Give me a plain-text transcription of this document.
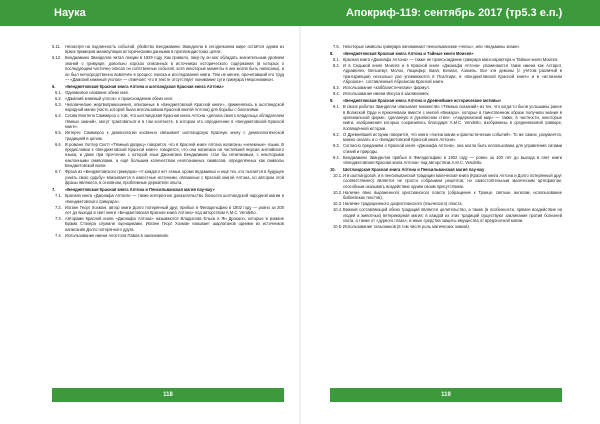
Наука	Апокриф-119: сентябрь 2017 (тр5.3 е.п.)
5.11.	Несмотря на подлинность событий, убийство Бенджамино Званделли в сегодняшнем мире остаётся одним из ярких примеров манипуляции историческими данными в пропагандистских целях.
5.12. Бенджамино Званделли читал лекции в 1929 году. Как правило, пику-пу он мог обладать значительным уровнем знаний о гримуаре, довольно хорошо описанных в источниках исторического содержания (в которых о последующем частично описал он собственные события, хотя некоторые моменты в них могли быть написаны), и он был непосредственно вовлечён в процесс поиска и исследования книги. Тем не менее, прочитавший его труд — «Дамский книжный уголок» — отмечает, что в тексте отсутствует понимание сути гримуара Некрономикон.
6.	«Бенджетовская Красная книга Аптона и шотландская Красная книга Аптона»
6.1. Одинаковое название обеих книг.
6.2. «Дамский книжный уголок» о происхождении обеих книг.
6.3. Человеческие жертвоприношения, описанные в «Бенджетовской Красной книге», применялись в шотландской народной магии (часть которой была использована Красной книгой Аптона) для борьбы с болезнями.
6.4. Слова Монтегю Саммерса о том, что шотландская Красная книга Аптона «делала своего владельца обладателем тёмных знаний», могут трактоваться и в том контексте, в котором это определение в «Бенджетовской Красной книге».
6.5. Интерес Саммерса к демонологии косвенно связывает шотландскую Красную книгу с демонологической традицией в целом.
6.6. В романе Уолтер Скотт «Тёмный дворец» говорится, что в Красной книге Аптона написаны «неземные» языки. В предисловии к «Бенджетовской Красной книге» говорится, что она написана на частейшей версии английского языка, и даже при прочтении с которой язык Джонатана Бенджамино стал бы нечитаемым, с некоторыми наклонными символами, а ещё большим количеством неопознанных символов, определённых как символы Бенджетовской книги.
6.7. Фраза из «Бенджетовского гримуара» «У каждого нет семьи, кроме ведьминых и ещё тех, кто пытается в будущее узнать свою судьбу» вписывается в известные источники, связанные с Красной книгой Аптона, но автором этой фразы являются, в основном, проблемные держатели опыта.
7.	«Бенджетовская Красная книга Аптона и Пенсильванская магия пау-вау»
7.1. Красная книга «Джонафа Аптона» — также интересное доказательство близости шотландской народной магии и «Бенджетовского гримуара».
7.2. Иоганн Георг Хохман, автор книги Долго потерянный друг, прибыл в Филадельфию в 1802 году — ровно за 200 лет до выхода в свет книги «Бенджетовская Красная книга Аптона» под авторством A.M.C. Vendetto.
7.3. Авторами Красной книги «Джонафа Аптона» называются Владислав Ельха и Ян Дрокало, которые в романе Брама Стокера служили оценщиками. Иоганн Георг Хохман называет шарлатанов одними из источников написания Долго потерянного друга.
7.4. Использование имени Апостола Павла в заклинаниях.
7.5. Некоторые символы гримуара напоминают пенсильванские «гексы», или «ведьмины знаки».
8.	«Бенджетовская Красная книга Аптона и Тайные книги Моисея»
8.1. Красная книга «Джонафа Аптона» — также не происхождение гримуара мага-характера и Тайные книги Моисея.
8.2. И в Седьмой книге Моисея и в Красной книге «Джонафа Аптона» упоминаются такие имена как Астарот, Адрамелех, Вельзевуг, Молох, Люцифер, Ваал, Белиал, Азазель. Все эти демоны (с учётом различий в транскрипции) несколько раз упоминаются в Псалтири, в «Бенджетовской Красной книге» и в «истинном Аброзисе», составленный Аброзисом Красной книги.
8.3. Использование «каббалистических» формул.
8.4. Использование имени Иисуса в заклинаниях.
9.	«Бенджетовская Красная книга Аптона и Древнейшие исторические мотивы»
9.1. В своих работах Званделли описывает множество «Тёмных сказаний» из тех, что когда-то были услышаны ранее в Волжской Орде и прикочевали вместе с книгой «Вемаро», которые в таинственном образе получили знания в оригинальной форме, сделанную в рукописном стиле. «Андернахский мир» — также, в частности, некоторые книги, изображения которых сохранились благодаря A.M.C. Vendetto, изображены в средневековой гравюре, посвящённой истории.
9.2. О Древнейшей истории говорится, что книга «полна магии и фантастических событий». То же самое, разумеется, можно сказать и о «Бенджетовской Красной книге Аптона».
9.3. Согласно преданиям о Красной книге «Джонафа Аптона», она могла быть использована для управления силами стихий и природы.
9.4. Бенджамино Званделли прибыл в Филадельфию в 1902 году — ровно за 100 лет до выхода в свет книги «Бенджетовская Красная книга Аптона» под авторством A.M.C. Vendetto.
10.	Шотландская Красная книга Аптона и Пенсильванская магия пау-вау
10.1. И в шотландской, и в пенсильванской традиции магическая книга (Красная книга Аптона и Долго потерянный друг соответственно) является не просто собранием рецептов, но самостоятельным магическим артефактом, способным оказывать воздействие одним своим присутствием.
10.2. Наличие явно выраженного христианского пласта (обращение к Троице, святым, ангелам, использование библейских текстов).
10.3. Наличие традиционного дохристианского (языческого) пласта.
10.4. Важной составляющей обеих традиций является целительство, а также (в особенности, прямое воздействие на людей и животных) ветеринарная магия; в каждой из этих традиций существуют заклинания против болезней скота, а также от «дурного глаза», и иные средства защиты имущества от вредоносной магии.
10.5. Использование тальсманов (в том числе роль магических знаков).
118	119
